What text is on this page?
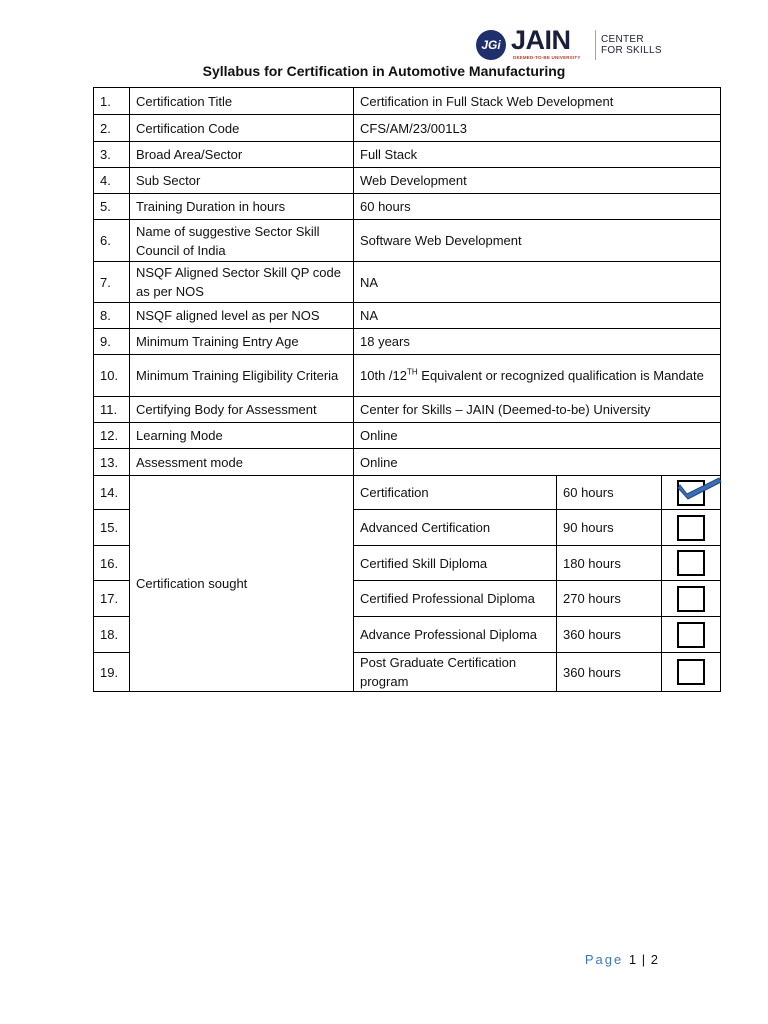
JGi JAIN
DEEMED-TO-BE UNIVERSITY
CENTER
FOR SKILLS
Syllabus for Certification in Automotive Manufacturing
1.	Certification Title	Certification in Full Stack Web Development		
2.	Certification Code	CFS/AM/23/001L3		
3.	Broad Area/Sector	Full Stack		
4.	Sub Sector	Web Development		
5.	Training Duration in hours	60 hours		
6.	Name of suggestive Sector Skill Council of India	Software Web Development		
7.	NSQF Aligned Sector Skill QP code as per NOS	NA		
8.	NSQF aligned level as per NOS	NA		
9.	Minimum Training Entry Age	18 years		
10.	Minimum Training Eligibility Criteria	10th /12TH Equivalent or recognized qualification is Mandate		
11.	Certifying Body for Assessment	Center for Skills – JAIN (Deemed-to-be) University		
12.	Learning Mode	Online		
13.	Assessment mode	Online		
14.	Certification sought	Certification	60 hours	

15.		Advanced Certification	90 hours	

16.		Certified Skill Diploma	180 hours	

17.		Certified Professional Diploma	270 hours	

18.		Advance Professional Diploma	360 hours	

19.		Post Graduate Certification program	360 hours	
Page 1 | 2
